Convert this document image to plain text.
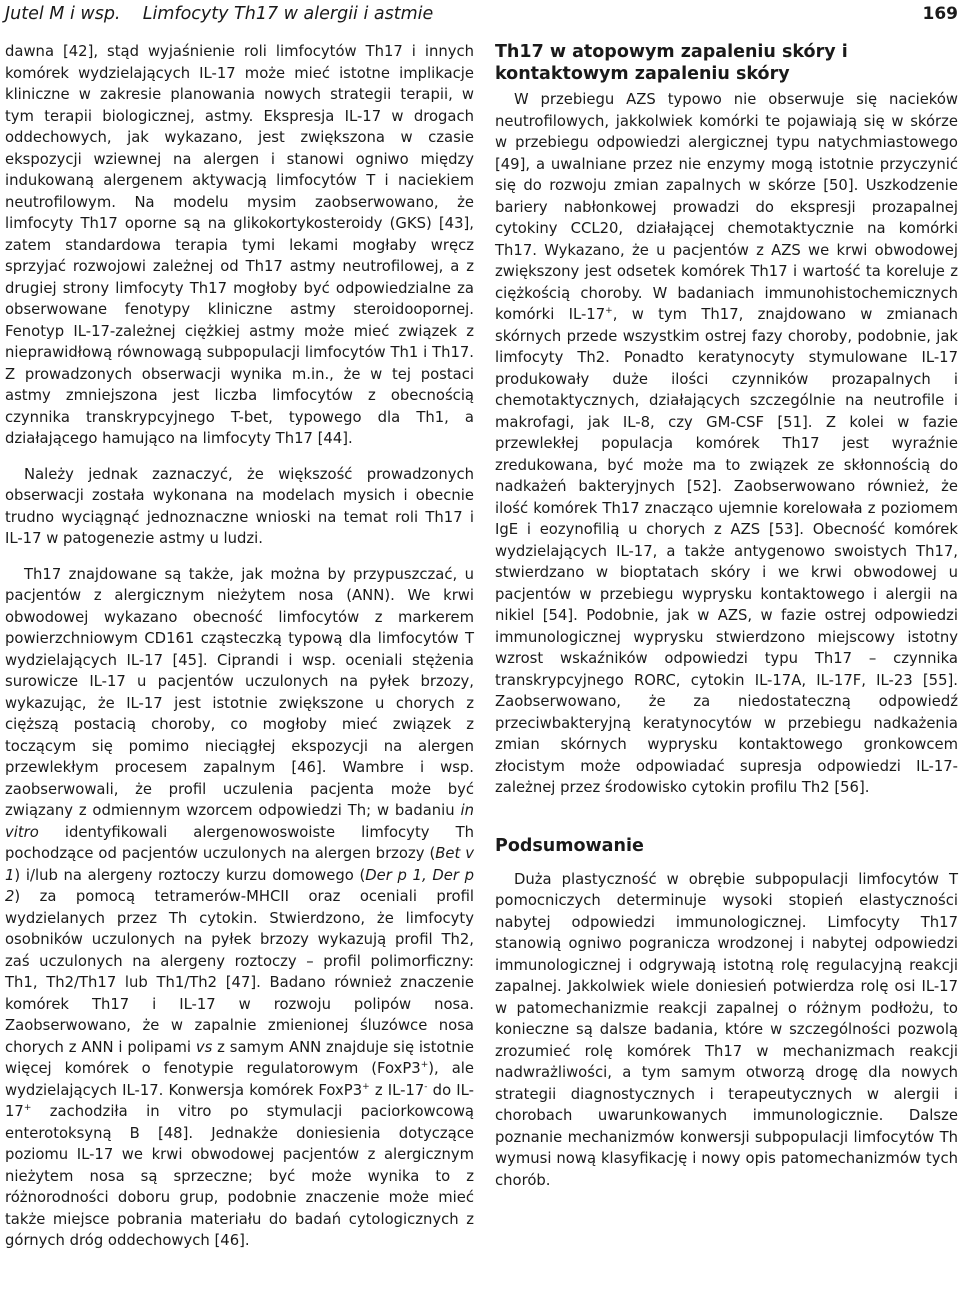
Jutel M i wsp. Limfocyty Th17 w alergii i astmie	169

dawna [42], stąd wyjaśnienie roli limfocytów Th17 i innych komórek wydzielających IL-17 może mieć istotne implikacje kliniczne w zakresie planowania nowych strategii terapii, w tym terapii biologicznej, astmy. Ekspresja IL-17 w drogach oddechowych, jak wykazano, jest zwiększona w czasie ekspozycji wziewnej na alergen i stanowi ogniwo między indukowaną alergenem aktywacją limfocytów T i naciekiem neutrofilowym. Na modelu mysim zaobserwowano, że limfocyty Th17 oporne są na glikokortykosteroidy (GKS) [43], zatem standardowa terapia tymi lekami mogłaby wręcz sprzyjać rozwojowi zależnej od Th17 astmy neutrofilowej, a z drugiej strony limfocyty Th17 mogłoby być odpowiedzialne za obserwowane fenotypy kliniczne astmy steroidoopornej. Fenotyp IL-17-zależnej ciężkiej astmy może mieć związek z nieprawidłową równowagą subpopulacji limfocytów Th1 i Th17. Z prowadzonych obserwacji wynika m.in., że w tej postaci astmy zmniejszona jest liczba limfocytów z obecnością czynnika transkrypcyjnego T-bet, typowego dla Th1, a działającego hamująco na limfocyty Th17 [44].

Należy jednak zaznaczyć, że większość prowadzonych obserwacji została wykonana na modelach mysich i obecnie trudno wyciągnąć jednoznaczne wnioski na temat roli Th17 i IL-17 w patogenezie astmy u ludzi.

Th17 znajdowane są także, jak można by przypuszczać, u pacjentów z alergicznym nieżytem nosa (ANN). We krwi obwodowej wykazano obecność limfocytów z markerem powierzchniowym CD161 cząsteczką typową dla limfocytów T wydzielających IL-17 [45]. Ciprandi i wsp. oceniali stężenia surowicze IL-17 u pacjentów uczulonych na pyłek brzozy, wykazując, że IL-17 jest istotnie zwiększone u chorych z cięższą postacią choroby, co mogłoby mieć związek z toczącym się pomimo nieciągłej ekspozycji na alergen przewlekłym procesem zapalnym [46]. Wambre i wsp. zaobserwowali, że profil uczulenia pacjenta może być związany z odmiennym wzorcem odpowiedzi Th; w badaniu in vitro identyfikowali alergenowoswoiste limfocyty Th pochodzące od pacjentów uczulonych na alergen brzozy (Bet v 1) i/lub na alergeny roztoczy kurzu domowego (Der p 1, Der p 2) za pomocą tetramerów-MHCII oraz oceniali profil wydzielanych przez Th cytokin. Stwierdzono, że limfocyty osobników uczulonych na pyłek brzozy wykazują profil Th2, zaś uczulonych na alergeny roztoczy – profil polimorficzny: Th1, Th2/Th17 lub Th1/Th2 [47]. Badano również znaczenie komórek Th17 i IL-17 w rozwoju polipów nosa. Zaobserwowano, że w zapalnie zmienionej śluzówce nosa chorych z ANN i polipami vs z samym ANN znajduje się istotnie więcej komórek o fenotypie regulatorowym (FoxP3+), ale wydzielających IL-17. Konwersja komórek FoxP3+ z IL-17- do IL-17+ zachodziła in vitro po stymulacji paciorkowcową enterotoksyną B [48]. Jednakże doniesienia dotyczące poziomu IL-17 we krwi obwodowej pacjentów z alergicznym nieżytem nosa są sprzeczne; być może wynika to z różnorodności doboru grup, podobnie znaczenie może mieć także miejsce pobrania materiału do badań cytologicznych z górnych dróg oddechowych [46].

Th17 w atopowym zapaleniu skóry i kontaktowym zapaleniu skóry

W przebiegu AZS typowo nie obserwuje się nacieków neutrofilowych, jakkolwiek komórki te pojawiają się w skórze w przebiegu odpowiedzi alergicznej typu natychmiastowego [49], a uwalniane przez nie enzymy mogą istotnie przyczynić się do rozwoju zmian zapalnych w skórze [50]. Uszkodzenie bariery nabłonkowej prowadzi do ekspresji prozapalnej cytokiny CCL20, działającej chemotaktycznie na komórki Th17. Wykazano, że u pacjentów z AZS we krwi obwodowej zwiększony jest odsetek komórek Th17 i wartość ta koreluje z ciężkością choroby. W badaniach immunohistochemicznych komórki IL-17+, w tym Th17, znajdowano w zmianach skórnych przede wszystkim ostrej fazy choroby, podobnie, jak limfocyty Th2. Ponadto keratynocyty stymulowane IL-17 produkowały duże ilości czynników prozapalnych i chemotaktycznych, działających szczególnie na neutrofile i makrofagi, jak IL-8, czy GM-CSF [51]. Z kolei w fazie przewlekłej populacja komórek Th17 jest wyraźnie zredukowana, być może ma to związek ze skłonnością do nadkażeń bakteryjnych [52]. Zaobserwowano również, że ilość komórek Th17 znacząco ujemnie korelowała z poziomem IgE i eozynofilią u chorych z AZS [53]. Obecność komórek wydzielających IL-17, a także antygenowo swoistych Th17, stwierdzano w bioptatach skóry i we krwi obwodowej u pacjentów w przebiegu wyprysku kontaktowego i alergii na nikiel [54]. Podobnie, jak w AZS, w fazie ostrej odpowiedzi immunologicznej wyprysku stwierdzono miejscowy istotny wzrost wskaźników odpowiedzi typu Th17 – czynnika transkrypcyjnego RORC, cytokin IL-17A, IL-17F, IL-23 [55]. Zaobserwowano, że za niedostateczną odpowiedź przeciwbakteryjną keratynocytów w przebiegu nadkażenia zmian skórnych wyprysku kontaktowego gronkowcem złocistym może odpowiadać supresja odpowiedzi IL-17-zależnej przez środowisko cytokin profilu Th2 [56].

Podsumowanie

Duża plastyczność w obrębie subpopulacji limfocytów T pomocniczych determinuje wysoki stopień elastyczności nabytej odpowiedzi immunologicznej. Limfocyty Th17 stanowią ogniwo pogranicza wrodzonej i nabytej odpowiedzi immunologicznej i odgrywają istotną rolę regulacyjną reakcji zapalnej. Jakkolwiek wiele doniesień potwierdza rolę osi IL-17 w patomechanizmie reakcji zapalnej o różnym podłożu, to konieczne są dalsze badania, które w szczególności pozwolą zrozumieć rolę komórek Th17 w mechanizmach reakcji nadwrażliwości, a tym samym otworzą drogę dla nowych strategii diagnostycznych i terapeutycznych w alergii i chorobach uwarunkowanych immunologicznie. Dalsze poznanie mechanizmów konwersji subpopulacji limfocytów Th wymusi nową klasyfikację i nowy opis patomechanizmów tych chorób.
